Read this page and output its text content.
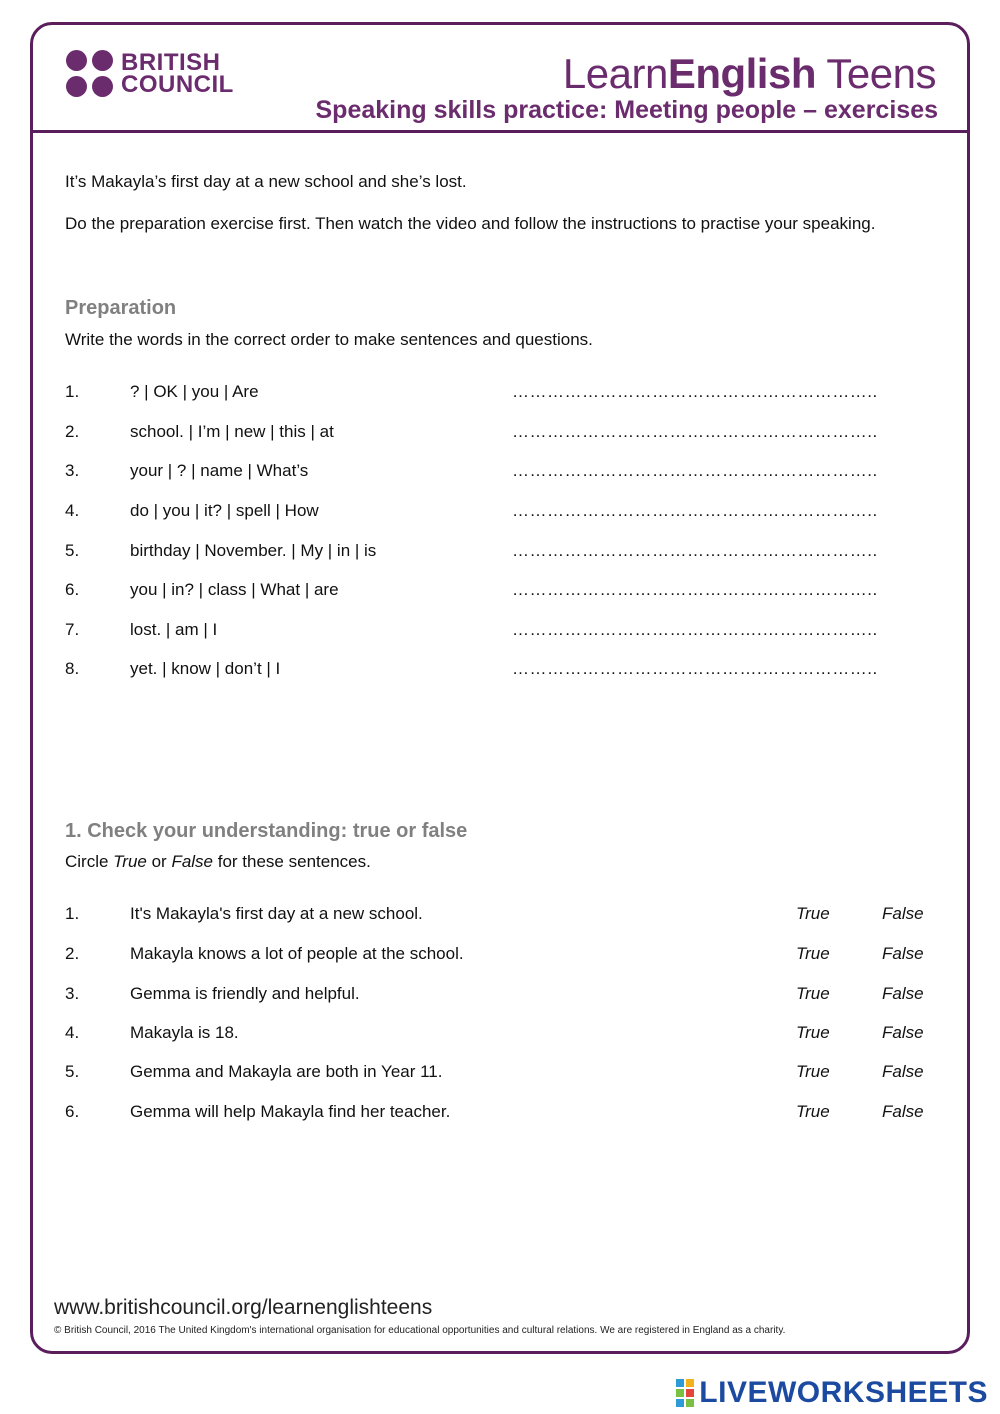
BRITISH
COUNCIL	LearnEnglish Teens
Speaking skills practice: Meeting people – exercises
It’s Makayla’s first day at a new school and she’s lost.
Do the preparation exercise first. Then watch the video and follow the instructions to practise your speaking.
Preparation
Write the words in the correct order to make sentences and questions.
1.	? | OK | you | Are	…………………………………….………………..
2.	school. | I’m | new | this | at	…………………………………….………………..
3.	your | ? | name | What’s	…………………………………….………………..
4.	do | you | it? | spell | How	…………………………………….………………..
5.	birthday | November. | My | in | is	…………………………………….………………..
6.	you | in? | class | What | are	…………………………………….………………..
7.	lost. | am | I	…………………………………….………………..
8.	yet. | know | don’t | I	…………………………………….………………..
1. Check your understanding: true or false
Circle True or False for these sentences.
1.	It's Makayla's first day at a new school.	True	False
2.	Makayla knows a lot of people at the school.	True	False
3.	Gemma is friendly and helpful.	True	False
4.	Makayla is 18.	True	False
5.	Gemma and Makayla are both in Year 11.	True	False
6.	Gemma will help Makayla find her teacher.	True	False
www.britishcouncil.org/learnenglishteens
© British Council, 2016 The United Kingdom's international organisation for educational opportunities and cultural relations. We are registered in England as a charity.
LIVEWORKSHEETS
